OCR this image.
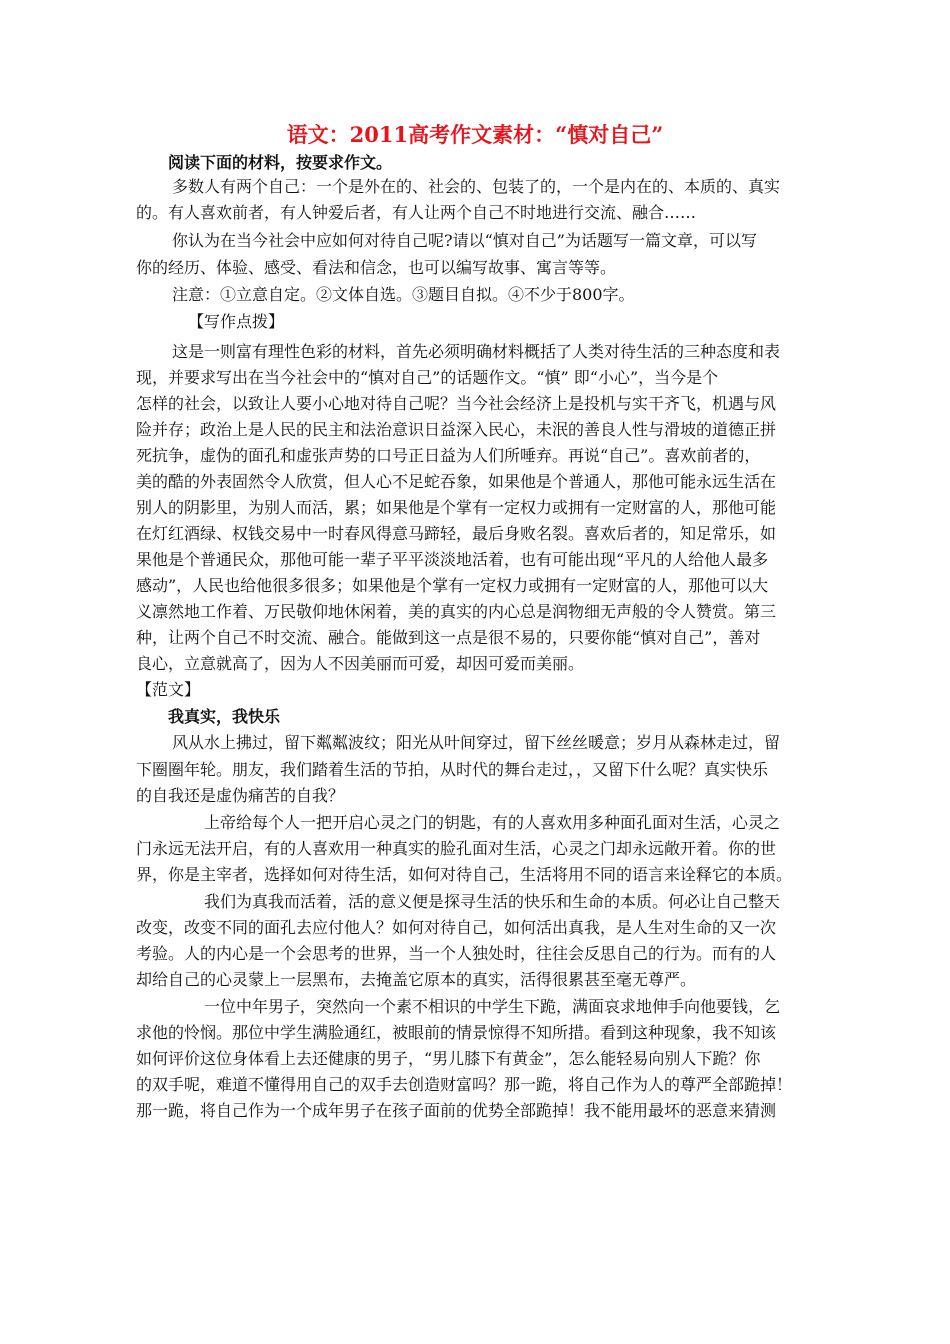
语文：2011高考作文素材：“慎对自己”
阅读下面的材料，按要求作文。
多数人有两个自己：一个是外在的、社会的、包装了的，一个是内在的、本质的、真实
的。有人喜欢前者，有人钟爱后者，有人让两个自己不时地进行交流、融合……
你认为在当今社会中应如何对待自己呢?请以“慎对自己”为话题写一篇文章，可以写
你的经历、体验、感受、看法和信念，也可以编写故事、寓言等等。
注意：①立意自定。②文体自选。③题目自拟。④不少于800字。
【写作点拨】
这是一则富有理性色彩的材料，首先必须明确材料概括了人类对待生活的三种态度和表
现，并要求写出在当今社会中的“慎对自己”的话题作文。“慎” 即“小心”，当今是个
怎样的社会，以致让人要小心地对待自己呢？当今社会经济上是投机与实干齐飞，机遇与风
险并存；政治上是人民的民主和法治意识日益深入民心，未泯的善良人性与滑坡的道德正拼
死抗争，虚伪的面孔和虚张声势的口号正日益为人们所唾弃。再说“自己”。喜欢前者的，
美的酷的外表固然令人欣赏，但人心不足蛇吞象，如果他是个普通人，那他可能永远生活在
别人的阴影里，为别人而活，累；如果他是个掌有一定权力或拥有一定财富的人，那他可能
在灯红酒绿、权钱交易中一时春风得意马蹄轻，最后身败名裂。喜欢后者的，知足常乐，如
果他是个普通民众，那他可能一辈子平平淡淡地活着，也有可能出现“平凡的人给他人最多
感动”，人民也给他很多很多；如果他是个掌有一定权力或拥有一定财富的人，那他可以大
义凛然地工作着、万民敬仰地休闲着，美的真实的内心总是润物细无声般的令人赞赏。第三
种，让两个自己不时交流、融合。能做到这一点是很不易的，只要你能“慎对自己”，善对
良心，立意就高了，因为人不因美丽而可爱，却因可爱而美丽。
【范文】
我真实，我快乐
风从水上拂过，留下粼粼波纹；阳光从叶间穿过，留下丝丝暖意；岁月从森林走过，留
下圈圈年轮。朋友，我们踏着生活的节拍，从时代的舞台走过，，又留下什么呢？真实快乐
的自我还是虚伪痛苦的自我？
上帝给每个人一把开启心灵之门的钥匙，有的人喜欢用多种面孔面对生活，心灵之
门永远无法开启，有的人喜欢用一种真实的脸孔面对生活，心灵之门却永远敞开着。你的世
界，你是主宰者，选择如何对待生活，如何对待自己，生活将用不同的语言来诠释它的本质。
我们为真我而活着，活的意义便是探寻生活的快乐和生命的本质。何必让自己整天
改变，改变不同的面孔去应付他人？如何对待自己，如何活出真我，是人生对生命的又一次
考验。人的内心是一个会思考的世界，当一个人独处时，往往会反思自己的行为。而有的人
却给自己的心灵蒙上一层黑布，去掩盖它原本的真实，活得很累甚至毫无尊严。
一位中年男子，突然向一个素不相识的中学生下跪，满面哀求地伸手向他要钱，乞
求他的怜悯。那位中学生满脸通红，被眼前的情景惊得不知所措。看到这种现象，我不知该
如何评价这位身体看上去还健康的男子，“男儿膝下有黄金”，怎么能轻易向别人下跪？你
的双手呢，难道不懂得用自己的双手去创造财富吗？那一跪，将自己作为人的尊严全部跪掉！
那一跪，将自己作为一个成年男子在孩子面前的优势全部跪掉！我不能用最坏的恶意来猜测
